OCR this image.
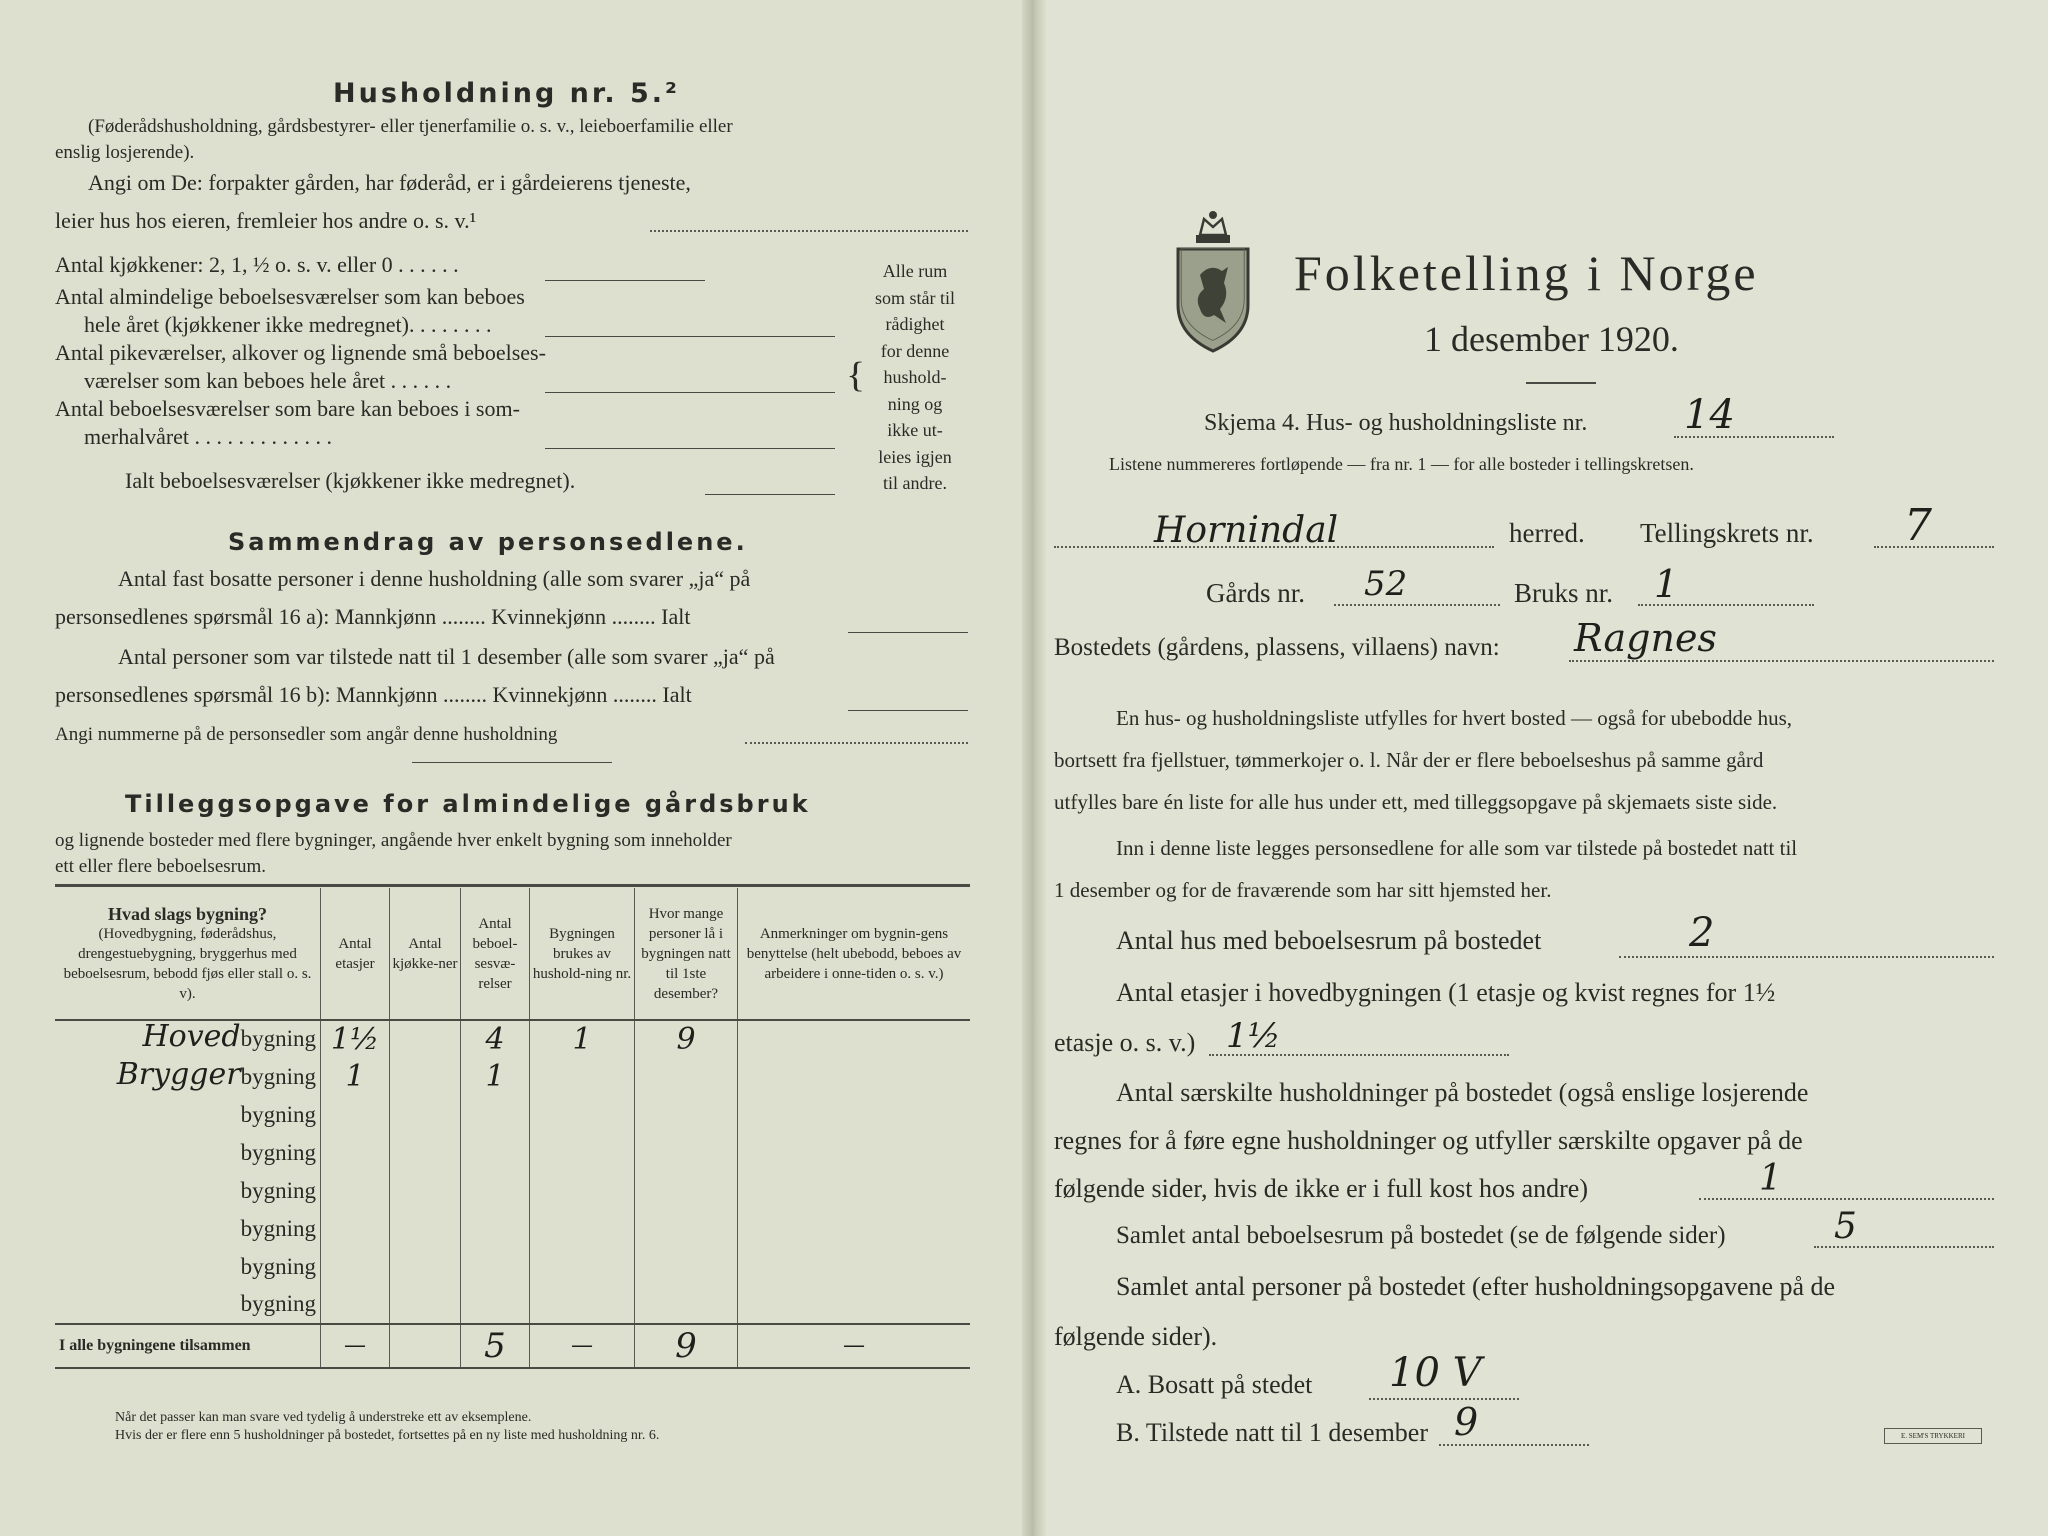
Husholdning nr. 5.²
(Føderådshusholdning, gårdsbestyrer- eller tjenerfamilie o. s. v., leieboerfamilie eller
enslig losjerende).
Angi om De: forpakter gården, har føderåd, er i gårdeierens tjeneste,
leier hus hos eieren, fremleier hos andre o. s. v.¹
Antal kjøkkener: 2, 1, ½ o. s. v. eller 0 . . . . . .
Antal almindelige beboelsesværelser som kan beboes
hele året (kjøkkener ikke medregnet). . . . . . . .
Antal pikeværelser, alkover og lignende små beboelses-
værelser som kan beboes hele året . . . . . .
Antal beboelsesværelser som bare kan beboes i som-
merhalvåret . . . . . . . . . . . . .
Ialt beboelsesværelser (kjøkkener ikke medregnet).
Alle rum
som står til
rådighet
for denne
hushold-
ning og
ikke ut-
leies igjen
til andre.
{
Sammendrag av personsedlene.
Antal fast bosatte personer i denne husholdning (alle som svarer „ja“ på
personsedlenes spørsmål 16 a): Mannkjønn ........ Kvinnekjønn ........ Ialt
Antal personer som var tilstede natt til 1 desember (alle som svarer „ja“ på
personsedlenes spørsmål 16 b): Mannkjønn ........ Kvinnekjønn ........ Ialt
Angi nummerne på de personsedler som angår denne husholdning
Tilleggsopgave for almindelige gårdsbruk
og lignende bosteder med flere bygninger, angående hver enkelt bygning som inneholder
ett eller flere beboelsesrum.
Hvad slags bygning?
(Hovedbygning, føderådshus, drengestuebygning, bryggerhus med beboelsesrum, bebodd fjøs eller stall o. s. v).	Antal etasjer	Antal kjøkke-ner	Antal beboel-sesvæ-relser	Bygningen brukes av hushold-ning nr.	Hvor mange personer lå i bygningen natt til 1ste desember?	Anmerkninger om bygnin-gens benyttelse (helt ubebodd, beboes av arbeidere i onne-tiden o. s. v.)
Hovedbygning	1½		4	1	9	
Bryggerbygning	1		1			
bygning						
bygning						
bygning						
bygning						
bygning						
bygning						
I alle bygningene tilsammen	—		5	—	9	—
Når det passer kan man svare ved tydelig å understreke ett av eksemplene.
Hvis der er flere enn 5 husholdninger på bostedet, fortsettes på en ny liste med husholdning nr. 6.
Folketelling i Norge
1 desember 1920.
Skjema 4. Hus- og husholdningsliste nr. 14
Listene nummereres fortløpende — fra nr. 1 — for alle bosteder i tellingskretsen.
Hornindal	herred. Tellingskrets nr. 7
Gårds nr. 52	Bruks nr. 1
Bostedets (gårdens, plassens, villaens) navn: Ragnes
En hus- og husholdningsliste utfylles for hvert bosted — også for ubebodde hus,
bortsett fra fjellstuer, tømmerkojer o. l. Når der er flere beboelseshus på samme gård
utfylles bare én liste for alle hus under ett, med tilleggsopgave på skjemaets siste side.
Inn i denne liste legges personsedlene for alle som var tilstede på bostedet natt til
1 desember og for de fraværende som har sitt hjemsted her.
Antal hus med beboelsesrum på bostedet	2
Antal etasjer i hovedbygningen (1 etasje og kvist regnes for 1½
etasje o. s. v.) 1½
Antal særskilte husholdninger på bostedet (også enslige losjerende
regnes for å føre egne husholdninger og utfyller særskilte opgaver på de
følgende sider, hvis de ikke er i full kost hos andre)	1
Samlet antal beboelsesrum på bostedet (se de følgende sider)	5
Samlet antal personer på bostedet (efter husholdningsopgavene på de
følgende sider).
A. Bosatt på stedet 10 V
B. Tilstede natt til 1 desember 9	E. SEM'S TRYKKERI
